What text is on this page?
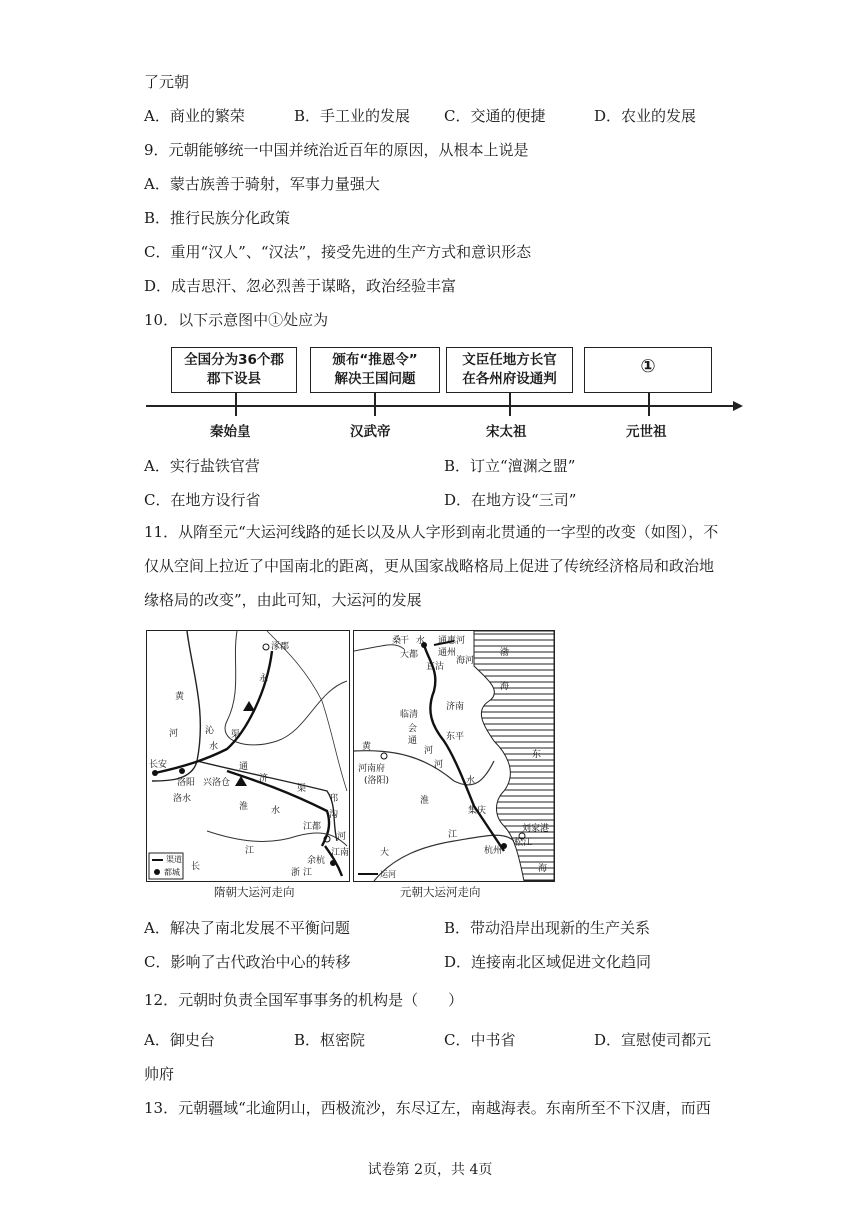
了元朝
A．商业的繁荣	B．手工业的发展 C．交通的便捷	D．农业的发展
9．元朝能够统一中国并统治近百年的原因，从根本上说是
A．蒙古族善于骑射，军事力量强大
B．推行民族分化政策
C．重用“汉人”、“汉法”，接受先进的生产方式和意识形态
D．成吉思汗、忽必烈善于谋略，政治经验丰富
10．以下示意图中①处应为
全国分为36个郡
郡下设县
颁布“推恩令”
解决王国问题
文臣任地方长官
在各州府设通判
①
秦始皇	汉武帝	宋太祖	元世祖
A．实行盐铁官营	B．订立“澶渊之盟”
C．在地方设行省	D．在地方设“三司”
11．从隋至元“大运河线路的延长以及从人字形到南北贯通的一字型的改变（如图），不
仅从空间上拉近了中国南北的距离，更从国家战略格局上促进了传统经济格局和政治地
缘格局的改变”，由此可知，大运河的发展
涿郡
黄
永
沁
水
河	渠
长安
洛阳 兴洛仓
通
济
洛水
渠
淮	水
邗
沟
江都
余杭
长
江
浙 江
江南
河
渠道
都城
桑
干 水
大都
通惠河
通州
海河
直沽
渤
海
临清
济南
会
通	东平
河
黄
河南府
(洛阳)
河
水
东
淮
集庆
江
大	杭州
刘家港
松江
海
运河
隋朝大运河走向	元朝大运河走向
A．解决了南北发展不平衡问题	B．带动沿岸出现新的生产关系
C．影响了古代政治中心的转移	D．连接南北区域促进文化趋同
12．元朝时负责全国军事事务的机构是（　　）
A．御史台	B．枢密院	C．中书省	D．宣慰使司都元
帅府
13．元朝疆域“北逾阴山，西极流沙，东尽辽左，南越海表。东南所至不下汉唐，而西
试卷第 2页，共 4页
